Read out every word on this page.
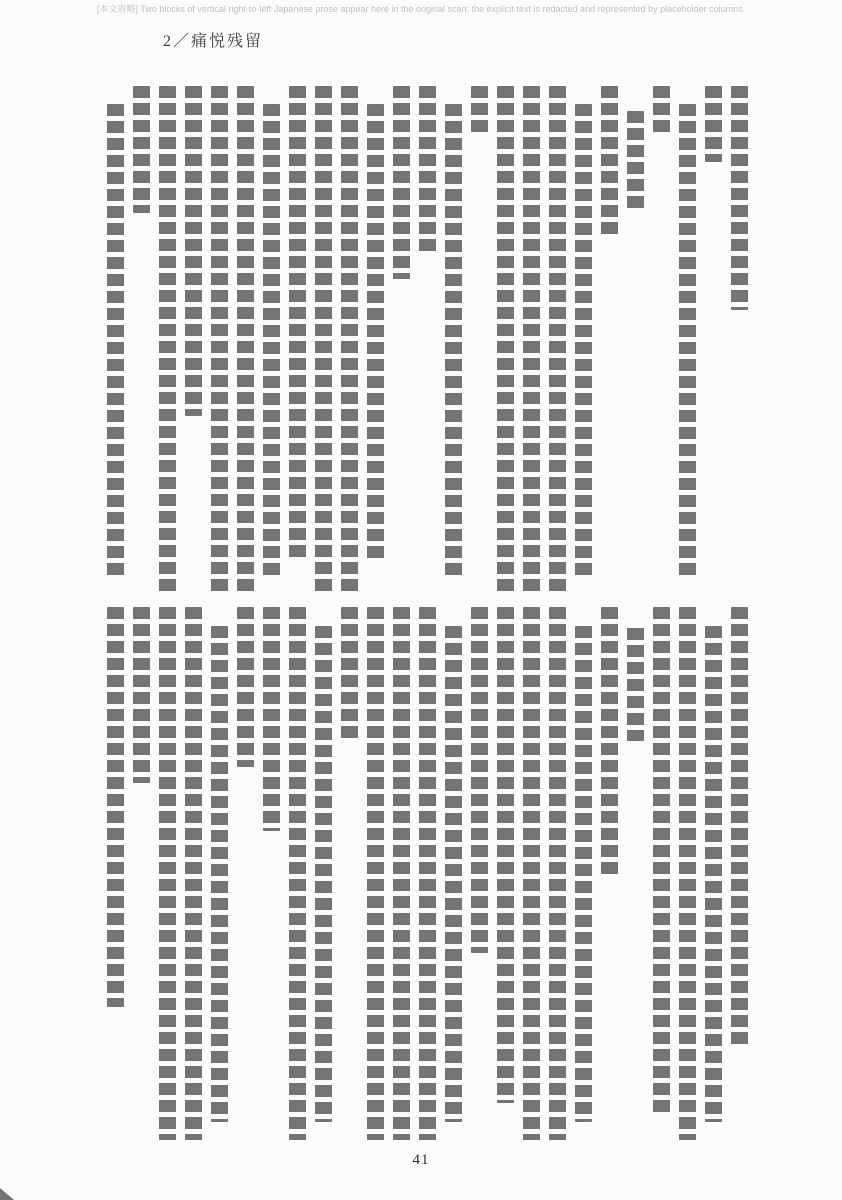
[本文省略] Two blocks of vertical right-to-left Japanese prose appear here in the original scan; the explicit text is redacted and represented by placeholder columns.
2／痛悦残留
41
